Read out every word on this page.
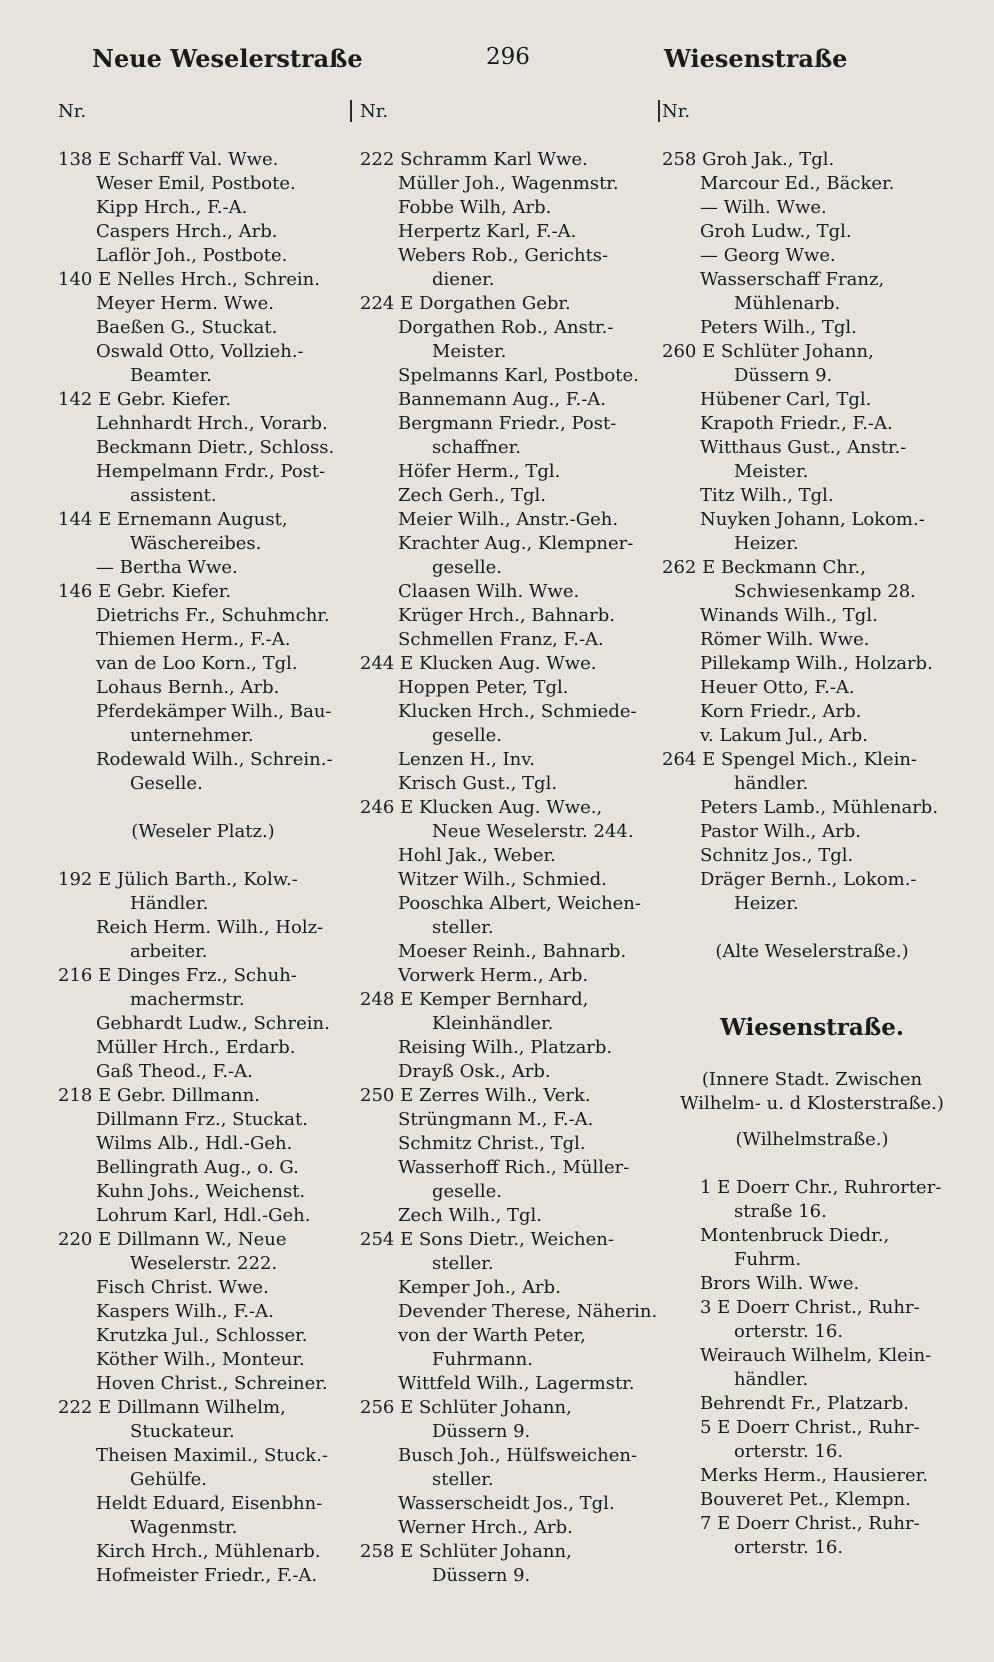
Neue Weselerstraße	296	Wiesenstraße
Nr.
138 E Scharff Val. Wwe.
Weser Emil, Postbote.
Kipp Hrch., F.-A.
Caspers Hrch., Arb.
Laflör Joh., Postbote.
140 E Nelles Hrch., Schrein.
Meyer Herm. Wwe.
Baeßen G., Stuckat.
Oswald Otto, Vollzieh.-
Beamter.
142 E Gebr. Kiefer.
Lehnhardt Hrch., Vorarb.
Beckmann Dietr., Schloss.
Hempelmann Frdr., Post-
assistent.
144 E Ernemann August,
Wäschereibes.
— Bertha Wwe.
146 E Gebr. Kiefer.
Dietrichs Fr., Schuhmchr.
Thiemen Herm., F.-A.
van de Loo Korn., Tgl.
Lohaus Bernh., Arb.
Pferdekämper Wilh., Bau-
unternehmer.
Rodewald Wilh., Schrein.-
Geselle.
(Weseler Platz.)
192 E Jülich Barth., Kolw.-
Händler.
Reich Herm. Wilh., Holz-
arbeiter.
216 E Dinges Frz., Schuh-
machermstr.
Gebhardt Ludw., Schrein.
Müller Hrch., Erdarb.
Gaß Theod., F.-A.
218 E Gebr. Dillmann.
Dillmann Frz., Stuckat.
Wilms Alb., Hdl.-Geh.
Bellingrath Aug., o. G.
Kuhn Johs., Weichenst.
Lohrum Karl, Hdl.-Geh.
220 E Dillmann W., Neue
Weselerstr. 222.
Fisch Christ. Wwe.
Kaspers Wilh., F.-A.
Krutzka Jul., Schlosser.
Köther Wilh., Monteur.
Hoven Christ., Schreiner.
222 E Dillmann Wilhelm,
Stuckateur.
Theisen Maximil., Stuck.-
Gehülfe.
Heldt Eduard, Eisenbhn-
Wagenmstr.
Kirch Hrch., Mühlenarb.
Hofmeister Friedr., F.-A.
Nr.
222 Schramm Karl Wwe.
Müller Joh., Wagenmstr.
Fobbe Wilh, Arb.
Herpertz Karl, F.-A.
Webers Rob., Gerichts-
diener.
224 E Dorgathen Gebr.
Dorgathen Rob., Anstr.-
Meister.
Spelmanns Karl, Postbote.
Bannemann Aug., F.-A.
Bergmann Friedr., Post-
schaffner.
Höfer Herm., Tgl.
Zech Gerh., Tgl.
Meier Wilh., Anstr.-Geh.
Krachter Aug., Klempner-
geselle.
Claasen Wilh. Wwe.
Krüger Hrch., Bahnarb.
Schmellen Franz, F.-A.
244 E Klucken Aug. Wwe.
Hoppen Peter, Tgl.
Klucken Hrch., Schmiede-
geselle.
Lenzen H., Inv.
Krisch Gust., Tgl.
246 E Klucken Aug. Wwe.,
Neue Weselerstr. 244.
Hohl Jak., Weber.
Witzer Wilh., Schmied.
Pooschka Albert, Weichen-
steller.
Moeser Reinh., Bahnarb.
Vorwerk Herm., Arb.
248 E Kemper Bernhard,
Kleinhändler.
Reising Wilh., Platzarb.
Drayß Osk., Arb.
250 E Zerres Wilh., Verk.
Strüngmann M., F.-A.
Schmitz Christ., Tgl.
Wasserhoff Rich., Müller-
geselle.
Zech Wilh., Tgl.
254 E Sons Dietr., Weichen-
steller.
Kemper Joh., Arb.
Devender Therese, Näherin.
von der Warth Peter,
Fuhrmann.
Wittfeld Wilh., Lagermstr.
256 E Schlüter Johann,
Düssern 9.
Busch Joh., Hülfsweichen-
steller.
Wasserscheidt Jos., Tgl.
Werner Hrch., Arb.
258 E Schlüter Johann,
Düssern 9.
Nr.
258 Groh Jak., Tgl.
Marcour Ed., Bäcker.
— Wilh. Wwe.
Groh Ludw., Tgl.
— Georg Wwe.
Wasserschaff Franz,
Mühlenarb.
Peters Wilh., Tgl.
260 E Schlüter Johann,
Düssern 9.
Hübener Carl, Tgl.
Krapoth Friedr., F.-A.
Witthaus Gust., Anstr.-
Meister.
Titz Wilh., Tgl.
Nuyken Johann, Lokom.-
Heizer.
262 E Beckmann Chr.,
Schwiesenkamp 28.
Winands Wilh., Tgl.
Römer Wilh. Wwe.
Pillekamp Wilh., Holzarb.
Heuer Otto, F.-A.
Korn Friedr., Arb.
v. Lakum Jul., Arb.
264 E Spengel Mich., Klein-
händler.
Peters Lamb., Mühlenarb.
Pastor Wilh., Arb.
Schnitz Jos., Tgl.
Dräger Bernh., Lokom.-
Heizer.
(Alte Weselerstraße.)
Wiesenstraße.
(Innere Stadt. Zwischen
Wilhelm- u. d Klosterstraße.)
(Wilhelmstraße.)
1 E Doerr Chr., Ruhrorter-
straße 16.
Montenbruck Diedr.,
Fuhrm.
Brors Wilh. Wwe.
3 E Doerr Christ., Ruhr-
orterstr. 16.
Weirauch Wilhelm, Klein-
händler.
Behrendt Fr., Platzarb.
5 E Doerr Christ., Ruhr-
orterstr. 16.
Merks Herm., Hausierer.
Bouveret Pet., Klempn.
7 E Doerr Christ., Ruhr-
orterstr. 16.
